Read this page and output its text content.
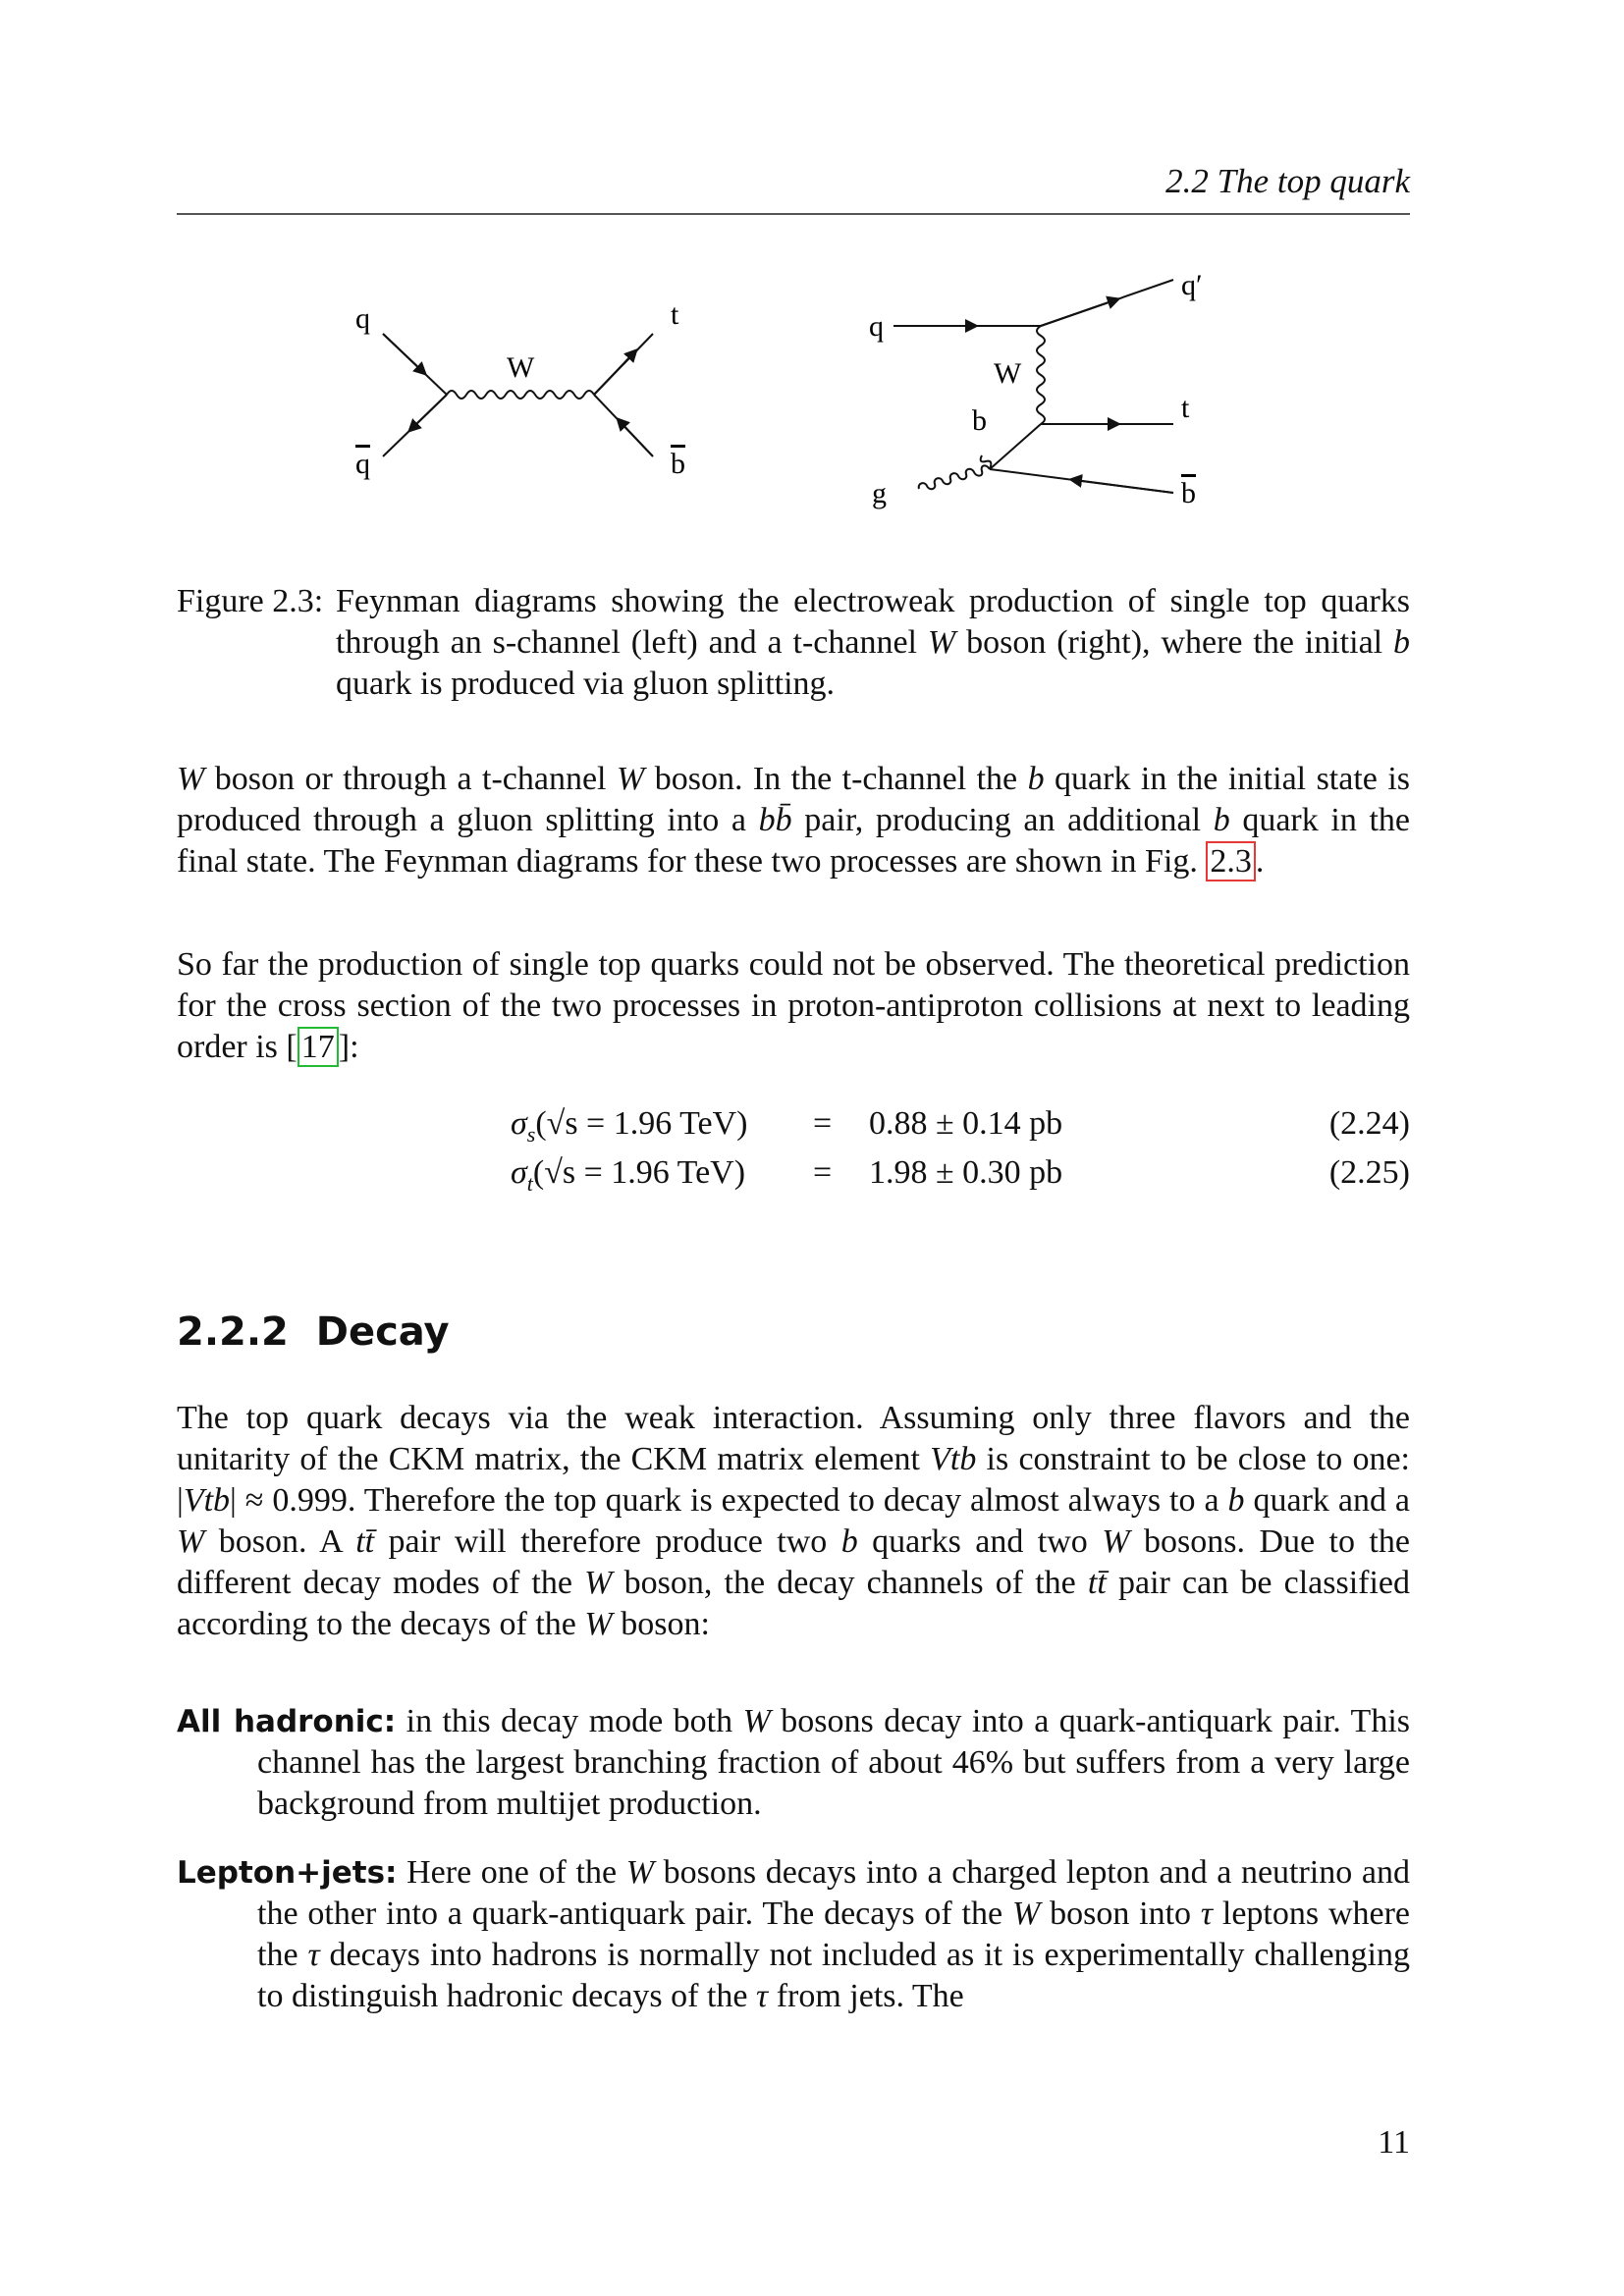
2.2 The top quark
q
q
W
t
b
q
q′
W
b	t
g	b
Figure 2.3: Feynman diagrams showing the electroweak production of single top quarks through an s-channel (left) and a t-channel W boson (right), where the initial b quark is produced via gluon splitting.
W boson or through a t-channel W boson. In the t-channel the b quark in the initial state is produced through a gluon splitting into a bb̄ pair, producing an additional b quark in the final state. The Feynman diagrams for these two processes are shown in Fig. 2.3 .
So far the production of single top quarks could not be observed. The theoretical prediction for the cross section of the two processes in proton-antiproton collisions at next to leading order is [ 17 ]:
$\sigma_s(√s = 1.96$ TeV) = 0.88 ± 0.14 pb	(2.24)
$\sigma_t(√s = 1.96$ TeV) = 1.98 ± 0.30 pb	(2.25)
2.2.2 Decay
The top quark decays via the weak interaction. Assuming only three flavors and the unitarity of the CKM matrix, the CKM matrix element Vtb is constraint to be close to one: |Vtb| ≈ 0.999. Therefore the top quark is expected to decay almost always to a b quark and a W boson. A tt̄ pair will therefore produce two b quarks and two W bosons. Due to the different decay modes of the W boson, the decay channels of the tt̄ pair can be classified according to the decays of the W boson:
All hadronic: in this decay mode both W bosons decay into a quark-antiquark pair. This channel has the largest branching fraction of about 46% but suffers from a very large background from multijet production.
Lepton+jets: Here one of the W bosons decays into a charged lepton and a neutrino and the other into a quark-antiquark pair. The decays of the W boson into τ leptons where the τ decays into hadrons is normally not included as it is experimentally challenging to distinguish hadronic decays of the τ from jets. The
11
